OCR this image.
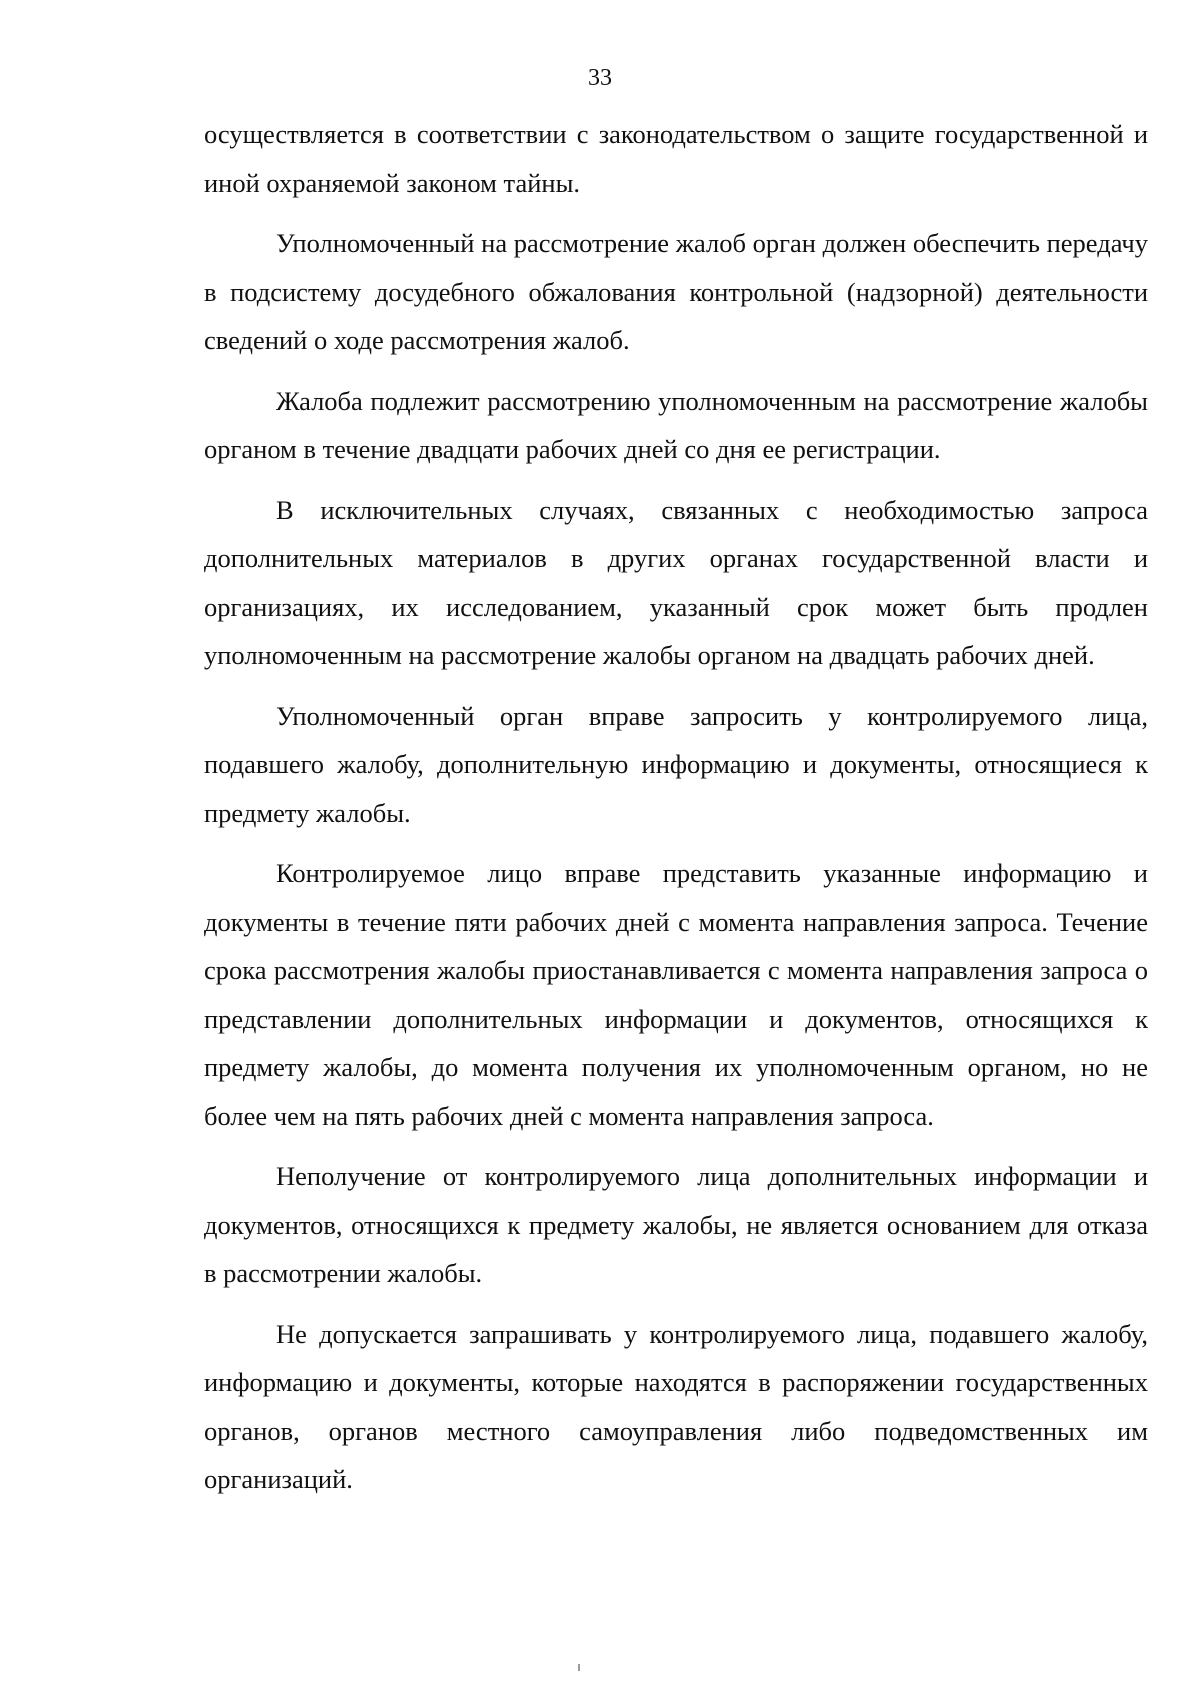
33

осуществляется в соответствии с законодательством о защите государственной и иной охраняемой законом тайны.

Уполномоченный на рассмотрение жалоб орган должен обеспечить передачу в подсистему досудебного обжалования контрольной (надзорной) деятельности сведений о ходе рассмотрения жалоб.

Жалоба подлежит рассмотрению уполномоченным на рассмотрение жалобы органом в течение двадцати рабочих дней со дня ее регистрации.

В исключительных случаях, связанных с необходимостью запроса дополнительных материалов в других органах государственной власти и организациях, их исследованием, указанный срок может быть продлен уполномоченным на рассмотрение жалобы органом на двадцать рабочих дней.

Уполномоченный орган вправе запросить у контролируемого лица, подавшего жалобу, дополнительную информацию и документы, относящиеся к предмету жалобы.

Контролируемое лицо вправе представить указанные информацию и документы в течение пяти рабочих дней с момента направления запроса. Течение срока рассмотрения жалобы приостанавливается с момента направления запроса о представлении дополнительных информации и документов, относящихся к предмету жалобы, до момента получения их уполномоченным органом, но не более чем на пять рабочих дней с момента направления запроса.

Неполучение от контролируемого лица дополнительных информации и документов, относящихся к предмету жалобы, не является основанием для отказа в рассмотрении жалобы.

Не допускается запрашивать у контролируемого лица, подавшего жалобу, информацию и документы, которые находятся в распоряжении государственных органов, органов местного самоуправления либо подведомственных им организаций.
